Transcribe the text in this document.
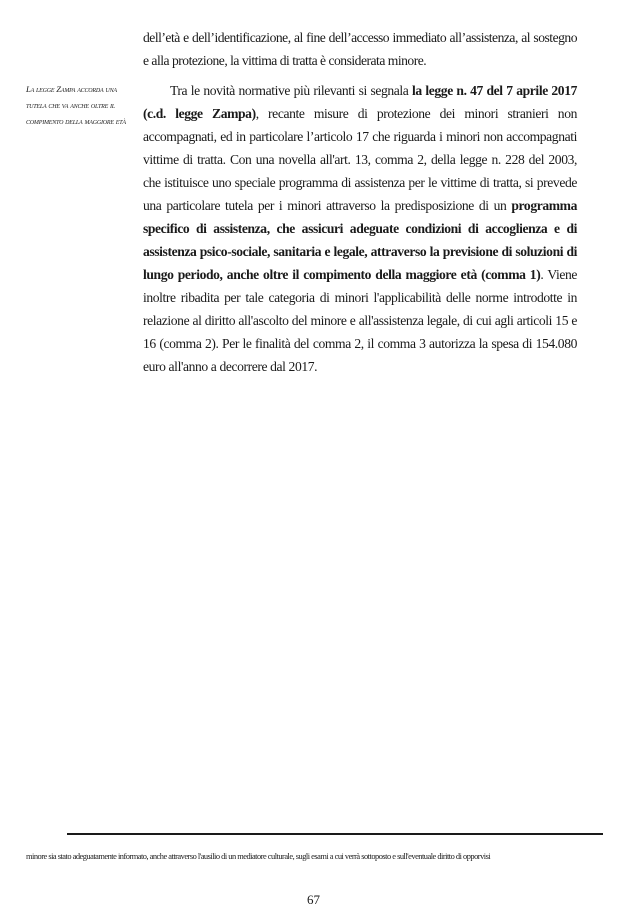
dell’età e dell’identificazione, al fine dell’accesso immediato all’assistenza, al sostegno e alla protezione, la vittima di tratta è considerata minore.
La legge Zampa accorda una tutela che va anche oltre il compimento della maggiore età

Tra le novità normative più rilevanti si segnala la legge n. 47 del 7 aprile 2017 (c.d. legge Zampa), recante misure di protezione dei minori stranieri non accompagnati, ed in particolare l’articolo 17 che riguarda i minori non accompagnati vittime di tratta. Con una novella all'art. 13, comma 2, della legge n. 228 del 2003, che istituisce uno speciale programma di assistenza per le vittime di tratta, si prevede una particolare tutela per i minori attraverso la predisposizione di un programma specifico di assistenza, che assicuri adeguate condizioni di accoglienza e di assistenza psico-sociale, sanitaria e legale, attraverso la previsione di soluzioni di lungo periodo, anche oltre il compimento della maggiore età (comma 1). Viene inoltre ribadita per tale categoria di minori l'applicabilità delle norme introdotte in relazione al diritto all'ascolto del minore e all'assistenza legale, di cui agli articoli 15 e 16 (comma 2). Per le finalità del comma 2, il comma 3 autorizza la spesa di 154.080 euro all'anno a decorrere dal 2017.

minore sia stato adeguatamente informato, anche attraverso l'ausilio di un mediatore culturale, sugli esami a cui verrà sottoposto e sull'eventuale diritto di opporvisi
67
